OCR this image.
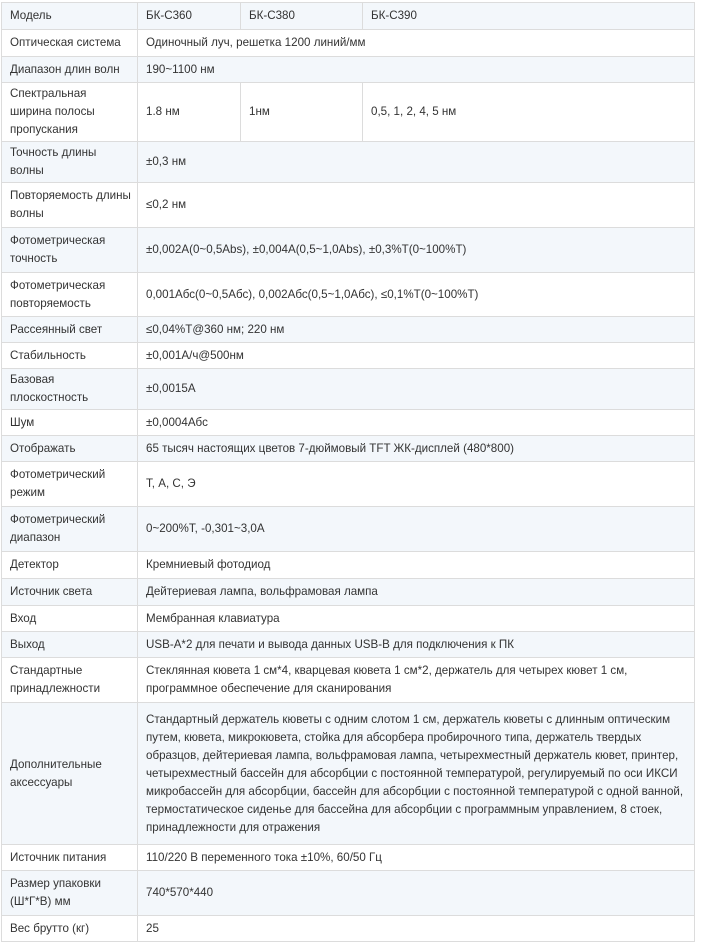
Модель	БК-С360	БК-С380	БК-С390
Оптическая система	Одиночный луч, решетка 1200 линий/мм		
Диапазон длин волн	190~1100 нм		
Спектральная ширина полосы пропускания	1.8 нм	1нм	0,5, 1, 2, 4, 5 нм
Точность длины волны	±0,3 нм		
Повторяемость длины волны	≤0,2 нм		
Фотометрическая точность	±0,002A(0~0,5Abs), ±0,004A(0,5~1,0Abs), ±0,3%T(0~100%T)		
Фотометрическая повторяемость	0,001Абс(0~0,5Абс), 0,002Абс(0,5~1,0Абс), ≤0,1%T(0~100%T)		
Рассеянный свет	≤0,04%T@360 нм; 220 нм		
Стабильность	±0,001A/ч@500нм		
Базовая плоскостность	±0,0015A		
Шум	±0,0004Абс		
Отображать	65 тысяч настоящих цветов 7-дюймовый TFT ЖК-дисплей (480*800)		
Фотометрический режим	Т, А, С, Э		
Фотометрический диапазон	0~200%Т, -0,301~3,0А		
Детектор	Кремниевый фотодиод		
Источник света	Дейтериевая лампа, вольфрамовая лампа		
Вход	Мембранная клавиатура		
Выход	USB-A*2 для печати и вывода данных USB-B для подключения к ПК		
Стандартные принадлежности	Стеклянная кювета 1 см*4, кварцевая кювета 1 см*2, держатель для четырех кювет 1 см, программное обеспечение для сканирования		
Дополнительные аксессуары	Стандартный держатель кюветы с одним слотом 1 см, держатель кюветы с длинным оптическим путем, кювета, микрокювета, стойка для абсорбера пробирочного типа, держатель твердых образцов, дейтериевая лампа, вольфрамовая лампа, четырехместный держатель кювет, принтер, четырехместный бассейн для абсорбции с постоянной температурой, регулируемый по оси ИКСИ микробассейн для абсорбции, бассейн для абсорбции с постоянной температурой с одной ванной, термостатическое сиденье для бассейна для абсорбции с программным управлением, 8 стоек, принадлежности для отражения		
Источник питания	110/220 В переменного тока ±10%, 60/50 Гц		
Размер упаковки (Ш*Г*В) мм	740*570*440		
Вес брутто (кг)	25		
